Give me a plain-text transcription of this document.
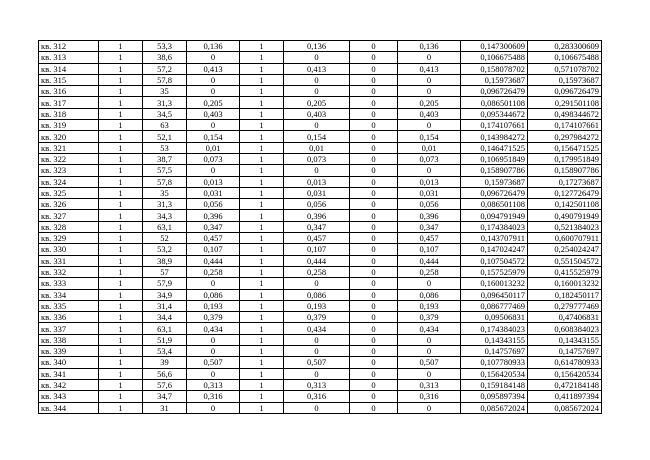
кв. 312	1	53,3	0,136	1	0,136	0	0,136	0,147300609	0,283300609
кв. 313	1	38,6	0	1	0	0	0	0,106675488	0,106675488
кв. 314	1	57,2	0,413	1	0,413	0	0,413	0,158078702	0,571078702
кв. 315	1	57,8	0	1	0	0	0	0,15973687	0,15973687
кв. 316	1	35	0	1	0	0	0	0,096726479	0,096726479
кв. 317	1	31,3	0,205	1	0,205	0	0,205	0,086501108	0,291501108
кв. 318	1	34,5	0,403	1	0,403	0	0,403	0,095344672	0,498344672
кв. 319	1	63	0	1	0	0	0	0,174107661	0,174107661
кв. 320	1	52,1	0,154	1	0,154	0	0,154	0,143984272	0,297984272
кв. 321	1	53	0,01	1	0,01	0	0,01	0,146471525	0,156471525
кв. 322	1	38,7	0,073	1	0,073	0	0,073	0,106951849	0,179951849
кв. 323	1	57,5	0	1	0	0	0	0,158907786	0,158907786
кв. 324	1	57,8	0,013	1	0,013	0	0,013	0,15973687	0,17273687
кв. 325	1	35	0,031	1	0,031	0	0,031	0,096726479	0,127726479
кв. 326	1	31,3	0,056	1	0,056	0	0,056	0,086501108	0,142501108
кв. 327	1	34,3	0,396	1	0,396	0	0,396	0,094791949	0,490791949
кв. 328	1	63,1	0,347	1	0,347	0	0,347	0,174384023	0,521384023
кв. 329	1	52	0,457	1	0,457	0	0,457	0,143707911	0,600707911
кв. 330	1	53,2	0,107	1	0,107	0	0,107	0,147024247	0,254024247
кв. 331	1	38,9	0,444	1	0,444	0	0,444	0,107504572	0,551504572
кв. 332	1	57	0,258	1	0,258	0	0,258	0,157525979	0,415525979
кв. 333	1	57,9	0	1	0	0	0	0,160013232	0,160013232
кв. 334	1	34,9	0,086	1	0,086	0	0,086	0,096450117	0,182450117
кв. 335	1	31,4	0,193	1	0,193	0	0,193	0,086777469	0,279777469
кв. 336	1	34,4	0,379	1	0,379	0	0,379	0,09506831	0,47406831
кв. 337	1	63,1	0,434	1	0,434	0	0,434	0,174384023	0,608384023
кв. 338	1	51,9	0	1	0	0	0	0,14343155	0,14343155
кв. 339	1	53,4	0	1	0	0	0	0,14757697	0,14757697
кв. 340	1	39	0,507	1	0,507	0	0,507	0,107780933	0,614780933
кв. 341	1	56,6	0	1	0	0	0	0,156420534	0,156420534
кв. 342	1	57,6	0,313	1	0,313	0	0,313	0,159184148	0,472184148
кв. 343	1	34,7	0,316	1	0,316	0	0,316	0,095897394	0,411897394
кв. 344	1	31	0	1	0	0	0	0,085672024	0,085672024
